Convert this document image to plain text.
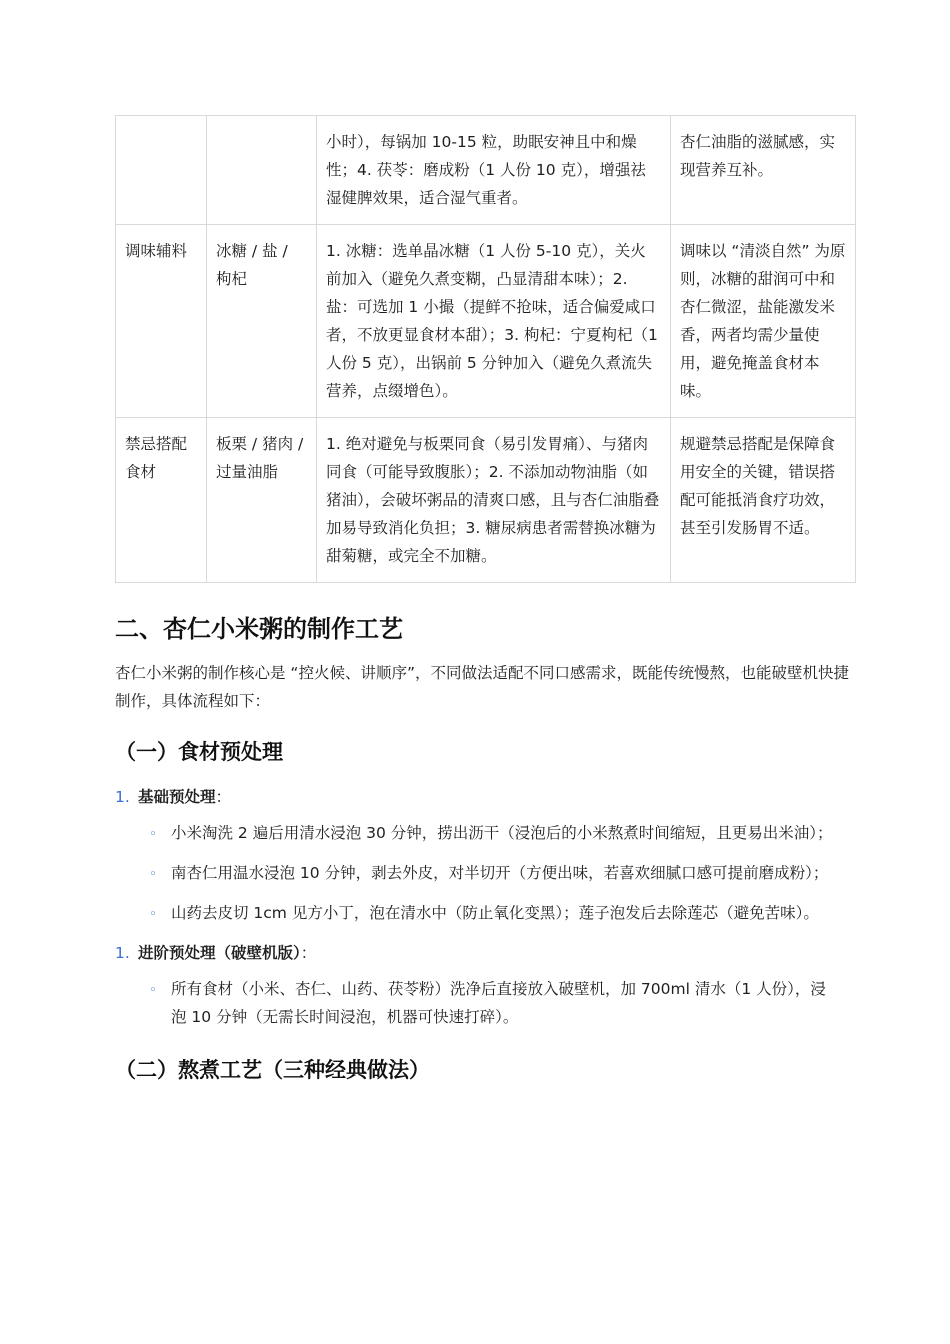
		小时），每锅加 10-15 粒，助眠安神且中和燥性；4. 茯苓：磨成粉（1 人份 10 克），增强祛湿健脾效果，适合湿气重者。	杏仁油脂的滋腻感，实现营养互补。
调味辅料	冰糖 / 盐 / 枸杞	1. 冰糖：选单晶冰糖（1 人份 5-10 克），关火前加入（避免久煮变糊，凸显清甜本味）；2. 盐：可选加 1 小撮（提鲜不抢味，适合偏爱咸口者，不放更显食材本甜）；3. 枸杞：宁夏枸杞（1 人份 5 克），出锅前 5 分钟加入（避免久煮流失营养，点缀增色）。	调味以 “清淡自然” 为原则，冰糖的甜润可中和杏仁微涩，盐能激发米香，两者均需少量使用，避免掩盖食材本味。
禁忌搭配食材	板栗 / 猪肉 / 过量油脂	1. 绝对避免与板栗同食（易引发胃痛）、与猪肉同食（可能导致腹胀）；2. 不添加动物油脂（如猪油），会破坏粥品的清爽口感，且与杏仁油脂叠加易导致消化负担；3. 糖尿病患者需替换冰糖为甜菊糖，或完全不加糖。	规避禁忌搭配是保障食用安全的关键，错误搭配可能抵消食疗功效，甚至引发肠胃不适。
二、杏仁小米粥的制作工艺

杏仁小米粥的制作核心是 “控火候、讲顺序”，不同做法适配不同口感需求，既能传统慢熬，也能破壁机快捷制作，具体流程如下：

（一）食材预处理
1. 基础预处理：
◦ 小米淘洗 2 遍后用清水浸泡 30 分钟，捞出沥干（浸泡后的小米熬煮时间缩短，且更易出米油）；
◦ 南杏仁用温水浸泡 10 分钟，剥去外皮，对半切开（方便出味，若喜欢细腻口感可提前磨成粉）；
◦ 山药去皮切 1cm 见方小丁，泡在清水中（防止氧化变黑）；莲子泡发后去除莲芯（避免苦味）。
1. 进阶预处理（破壁机版）：
◦ 所有食材（小米、杏仁、山药、茯苓粉）洗净后直接放入破壁机，加 700ml 清水（1 人份），浸泡 10 分钟（无需长时间浸泡，机器可快速打碎）。
（二）熬煮工艺（三种经典做法）
